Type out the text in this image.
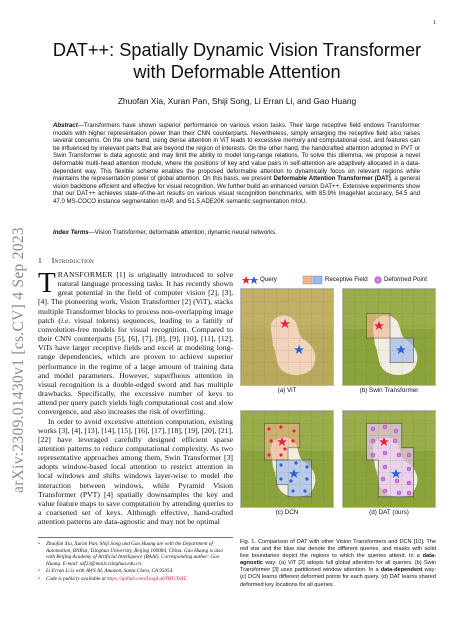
1
arXiv:2309.01430v1 [cs.CV] 4 Sep 2023
DAT++: Spatially Dynamic Vision Transformer
with Deformable Attention
Zhuofan Xia, Xuran Pan, Shiji Song, Li Erran Li, and Gao Huang
Abstract—Transformers have shown superior performance on various vision tasks. Their large receptive field endows Transformer models with higher representation power than their CNN counterparts. Nevertheless, simply enlarging the receptive field also raises several concerns. On the one hand, using dense attention in ViT leads to excessive memory and computational cost, and features can be influenced by irrelevant parts that are beyond the region of interests. On the other hand, the handcrafted attention adopted in PVT or Swin Transformer is data agnostic and may limit the ability to model long-range relations. To solve this dilemma, we propose a novel deformable multi-head attention module, where the positions of key and value pairs in self-attention are adaptively allocated in a data-dependent way. This flexible scheme enables the proposed deformable attention to dynamically focus on relevant regions while maintains the representation power of global attention. On this basis, we present Deformable Attention Transformer (DAT), a general vision backbone efficient and effective for visual recognition. We further build an enhanced version DAT++. Extensive experiments show that our DAT++ achieves state-of-the-art results on various visual recognition benchmarks, with 85.9% ImageNet accuracy, 54.5 and 47.0 MS-COCO instance segmentation mAP, and 51.5 ADE20K semantic segmentation mIoU.
Index Terms—Vision Transformer, deformable attention, dynamic neural networks.
1 Introduction
TRANSFORMER [1] is originally introduced to solve natural language processing tasks. It has recently shown great potential in the field of computer vision [2], [3], [4]. The pioneering work, Vision Transformer [2] (ViT), stacks multiple Transformer blocks to process non-overlapping image patch (i.e. visual tokens) sequences, leading to a family of convolution-free models for visual recognition. Compared to their CNN counterparts [5], [6], [7], [8], [9], [10], [11], [12], ViTs have larger receptive fields and excel at modeling long-range dependencies, which are proven to achieve superior performance in the regime of a large amount of training data and model parameters. However, superfluous attention in visual recognition is a double-edged sword and has multiple drawbacks. Specifically, the excessive number of keys to attend per query patch yields high computational cost and slow convergence, and also increases the risk of overfitting.
In order to avoid excessive attention computation, existing works [3], [4], [13], [14], [15], [16], [17], [18], [19], [20], [21], [22] have leveraged carefully designed efficient sparse attention patterns to reduce computational complexity. As two representative approaches among them, Swin Transformer [3] adopts window-based local attention to restrict attention in local windows and shifts windows layer-wise to model the interaction between windows, while Pyramid Vision Transformer (PVT) [4] spatially downsamples the key and value feature maps to save computation by attending queries to a coarsened set of keys. Although effective, hand-crafted attention patterns are data-agnostic and may not be optimal
• Zhuofan Xia, Xuran Pan, Shiji Song and Gao Huang are with the Department of Automation, BNRist, Tsinghua University, Beijing 100084, China. Gao Huang is also with Beijing Academy of Artificial Intelligence (BAAI). Corresponding author: Gao Huang. E-mail: xzf23@mails.tsinghua.edu.cn.
• Li Erran Li is with AWS AI, Amazon, Santa Clara, CA 95054.
• Code is publicly available at https://github.com/LeapLabTHU/DAT.
Query	Receptive Field	Deformed Point
(a) ViT	(b) Swin Transformer
(c) DCN	(d) DAT (ours)
Fig. 1. Comparison of DAT with other Vision Transformers and DCN [10]. The red star and the blue star denote the different queries, and masks with solid line boundaries depict the regions to which the queries attend. In a data-agnostic way: (a) ViT [2] adopts full global attention for all queries. (b) Swin Transformer [3] uses partitioned window attention. In a data-dependent way: (c) DCN learns different deformed points for each query. (d) DAT learns shared deformed key locations for all queries.
